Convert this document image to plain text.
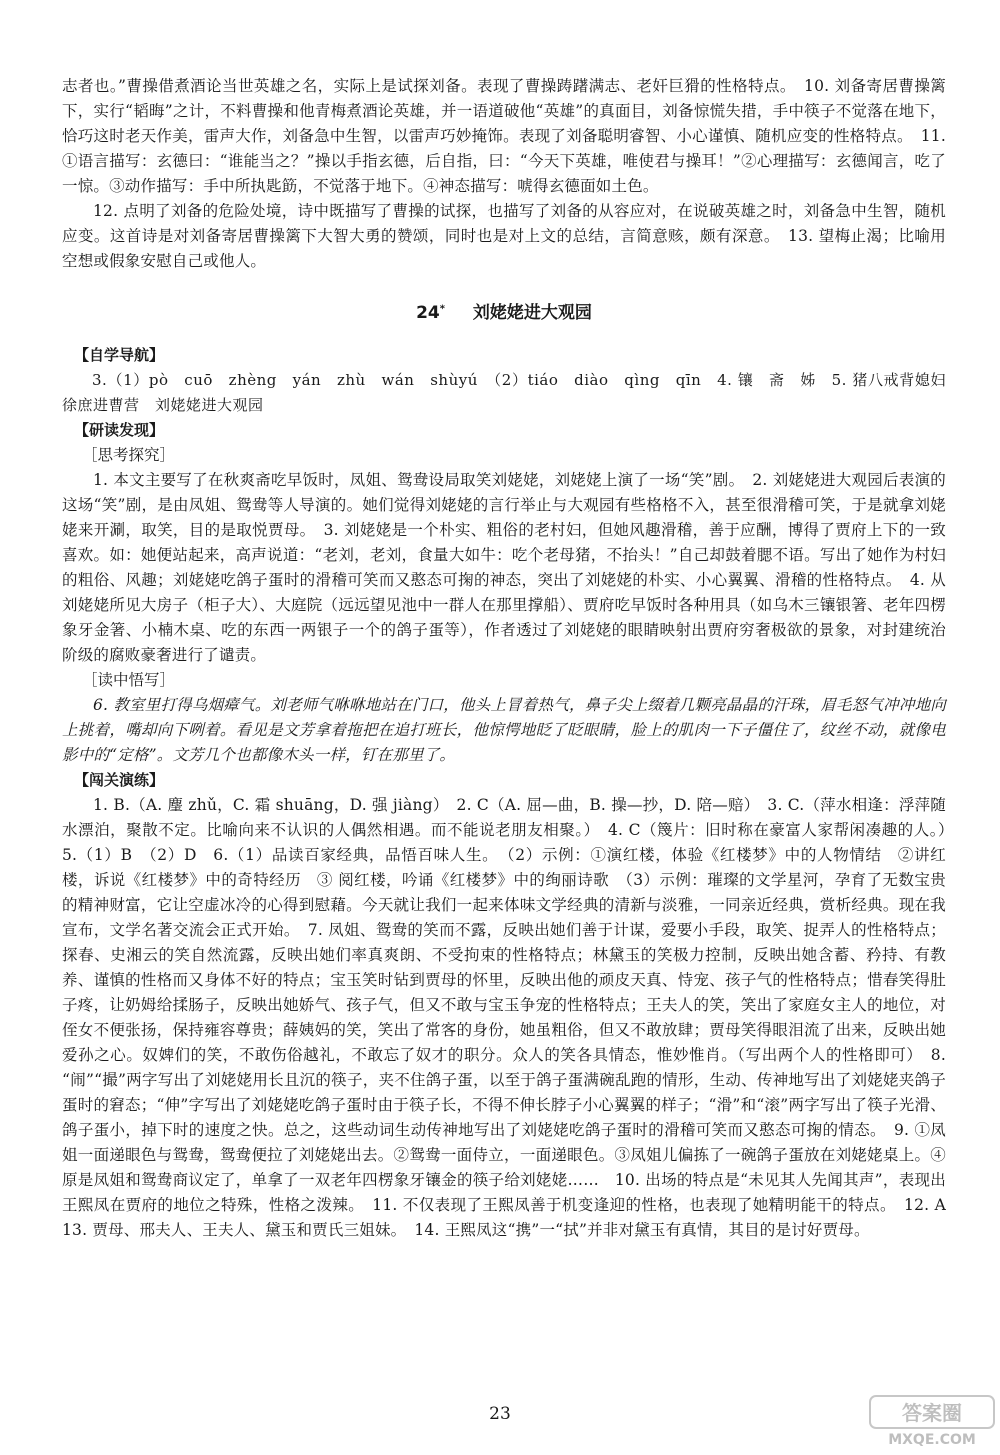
志者也。”曹操借煮酒论当世英雄之名，实际上是试探刘备。表现了曹操踌躇满志、老奸巨猾的性格特点。　10. 刘备寄居曹操篱下，实行“韬晦”之计，不料曹操和他青梅煮酒论英雄，并一语道破他“英雄”的真面目，刘备惊慌失措，手中筷子不觉落在地下，恰巧这时老天作美，雷声大作，刘备急中生智，以雷声巧妙掩饰。表现了刘备聪明睿智、小心谨慎、随机应变的性格特点。　11. ①语言描写：玄德曰：“谁能当之？”操以手指玄德，后自指，曰：“今天下英雄，唯使君与操耳！”②心理描写：玄德闻言，吃了一惊。③动作描写：手中所执匙筯，不觉落于地下。④神态描写：唬得玄德面如土色。

12. 点明了刘备的危险处境，诗中既描写了曹操的试探，也描写了刘备的从容应对，在说破英雄之时，刘备急中生智，随机应变。这首诗是对刘备寄居曹操篱下大智大勇的赞颂，同时也是对上文的总结，言简意赅，颇有深意。　13. 望梅止渴；比喻用空想或假象安慰自己或他人。

24* 刘姥姥进大观园

【自学导航】

3.（1）pò　cuō　zhèng　yán　zhù　wán　shùyú　（2）tiáo　diào　qìng　qīn　4. 镶　斋　姊　5. 猪八戒背媳妇　徐庶进曹营　刘姥姥进大观园

【研读发现】

［思考探究］

1. 本文主要写了在秋爽斋吃早饭时，凤姐、鸳鸯设局取笑刘姥姥，刘姥姥上演了一场“笑”剧。　2. 刘姥姥进大观园后表演的这场“笑”剧，是由凤姐、鸳鸯等人导演的。她们觉得刘姥姥的言行举止与大观园有些格格不入，甚至很滑稽可笑，于是就拿刘姥姥来开涮，取笑，目的是取悦贾母。　3. 刘姥姥是一个朴实、粗俗的老村妇，但她风趣滑稽，善于应酬，博得了贾府上下的一致喜欢。如：她便站起来，高声说道：“老刘，老刘，食量大如牛：吃个老母猪，不抬头！”自己却鼓着腮不语。写出了她作为村妇的粗俗、风趣；刘姥姥吃鸽子蛋时的滑稽可笑而又憨态可掬的神态，突出了刘姥姥的朴实、小心翼翼、滑稽的性格特点。　4. 从刘姥姥所见大房子（柜子大）、大庭院（远远望见池中一群人在那里撑船）、贾府吃早饭时各种用具（如乌木三镶银箸、老年四楞象牙金箸、小楠木桌、吃的东西一两银子一个的鸽子蛋等），作者透过了刘姥姥的眼睛映射出贾府穷奢极欲的景象，对封建统治阶级的腐败豪奢进行了谴责。

［读中悟写］

6. 教室里打得乌烟瘴气。刘老师气咻咻地站在门口，他头上冒着热气，鼻子尖上缀着几颗亮晶晶的汗珠，眉毛怒气冲冲地向上挑着，嘴却向下咧着。看见是文芳拿着拖把在追打班长，他惊愕地眨了眨眼睛，脸上的肌肉一下子僵住了，纹丝不动，就像电影中的“定格”。文芳几个也都像木头一样，钉在那里了。

【闯关演练】

1. B.（A. 麈 zhǔ，C. 霜 shuāng，D. 强 jiàng）　2. C（A. 屈—曲，B. 操—抄，D. 陪—赔）　3. C.（萍水相逢：浮萍随水漂泊，聚散不定。比喻向来不认识的人偶然相遇。而不能说老朋友相聚。）　4. C（篾片：旧时称在豪富人家帮闲凑趣的人。）　5.（1）B　（2）D　6.（1）品读百家经典，品悟百味人生。　（2）示例：①演红楼，体验《红楼梦》中的人物情结　②讲红楼，诉说《红楼梦》中的奇特经历　③ 阅红楼，吟诵《红楼梦》中的绚丽诗歌　（3）示例：璀璨的文学星河，孕育了无数宝贵的精神财富，它让空虚冰冷的心得到慰藉。今天就让我们一起来体味文学经典的清新与淡雅，一同亲近经典，赏析经典。现在我宣布，文学名著交流会正式开始。　7. 凤姐、鸳鸯的笑而不露，反映出她们善于计谋，爱要小手段，取笑、捉弄人的性格特点；探春、史湘云的笑自然流露，反映出她们率真爽朗、不受拘束的性格特点；林黛玉的笑极力控制，反映出她含蓄、矜持、有教养、谨慎的性格而又身体不好的特点；宝玉笑时钻到贾母的怀里，反映出他的顽皮天真、恃宠、孩子气的性格特点；惜春笑得肚子疼，让奶姆给揉肠子，反映出她娇气、孩子气，但又不敢与宝玉争宠的性格特点；王夫人的笑，笑出了家庭女主人的地位，对侄女不便张扬，保持雍容尊贵；薛姨妈的笑，笑出了常客的身份，她虽粗俗，但又不敢放肆；贾母笑得眼泪流了出来，反映出她爱孙之心。奴婢们的笑，不敢伤俗越礼，不敢忘了奴才的职分。众人的笑各具情态，惟妙惟肖。（写出两个人的性格即可）　8. “闹”“撮”两字写出了刘姥姥用长且沉的筷子，夹不住鸽子蛋，以至于鸽子蛋满碗乱跑的情形，生动、传神地写出了刘姥姥夹鸽子蛋时的窘态；“伸”字写出了刘姥姥吃鸽子蛋时由于筷子长，不得不伸长脖子小心翼翼的样子；“滑”和“滚”两字写出了筷子光滑、鸽子蛋小，掉下时的速度之快。总之，这些动词生动传神地写出了刘姥姥吃鸽子蛋时的滑稽可笑而又憨态可掬的情态。　9. ①凤姐一面递眼色与鸳鸯，鸳鸯便拉了刘姥姥出去。②鸳鸯一面侍立，一面递眼色。③凤姐儿偏拣了一碗鸽子蛋放在刘姥姥桌上。④原是凤姐和鸳鸯商议定了，单拿了一双老年四楞象牙镶金的筷子给刘姥姥……　10. 出场的特点是“未见其人先闻其声”，表现出王熙凤在贾府的地位之特殊，性格之泼辣。　11. 不仅表现了王熙凤善于机变逢迎的性格，也表现了她精明能干的特点。　12. A　13. 贾母、邢夫人、王夫人、黛玉和贾氏三姐妹。　14. 王熙凤这“携”一“拭”并非对黛玉有真情，其目的是讨好贾母。

23	答案圈
MXQE.COM
